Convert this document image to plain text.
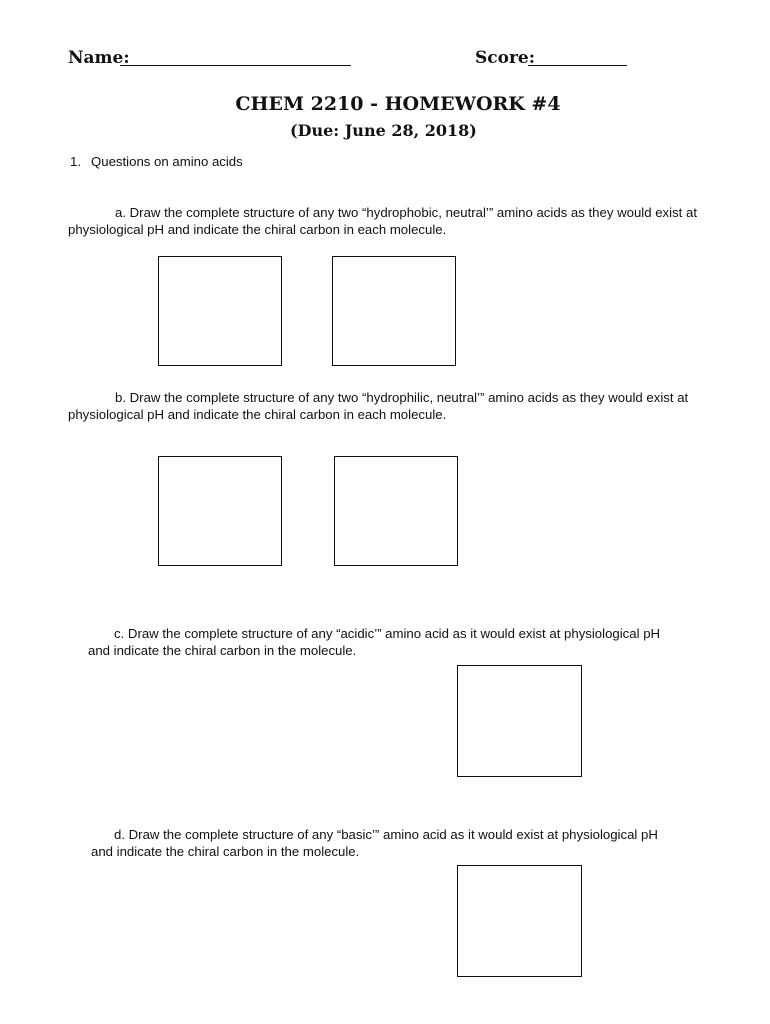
Name:	Score:
CHEM 2210 - HOMEWORK #4
(Due: June 28, 2018)
1. Questions on amino acids
a. Draw the complete structure of any two “hydrophobic, neutral’” amino acids as they would exist at
physiological pH and indicate the chiral carbon in each molecule.
b. Draw the complete structure of any two “hydrophilic, neutral’” amino acids as they would exist at
physiological pH and indicate the chiral carbon in each molecule.
c. Draw the complete structure of any “acidic’” amino acid as it would exist at physiological pH
and indicate the chiral carbon in the molecule.
d. Draw the complete structure of any “basic’” amino acid as it would exist at physiological pH
and indicate the chiral carbon in the molecule.
